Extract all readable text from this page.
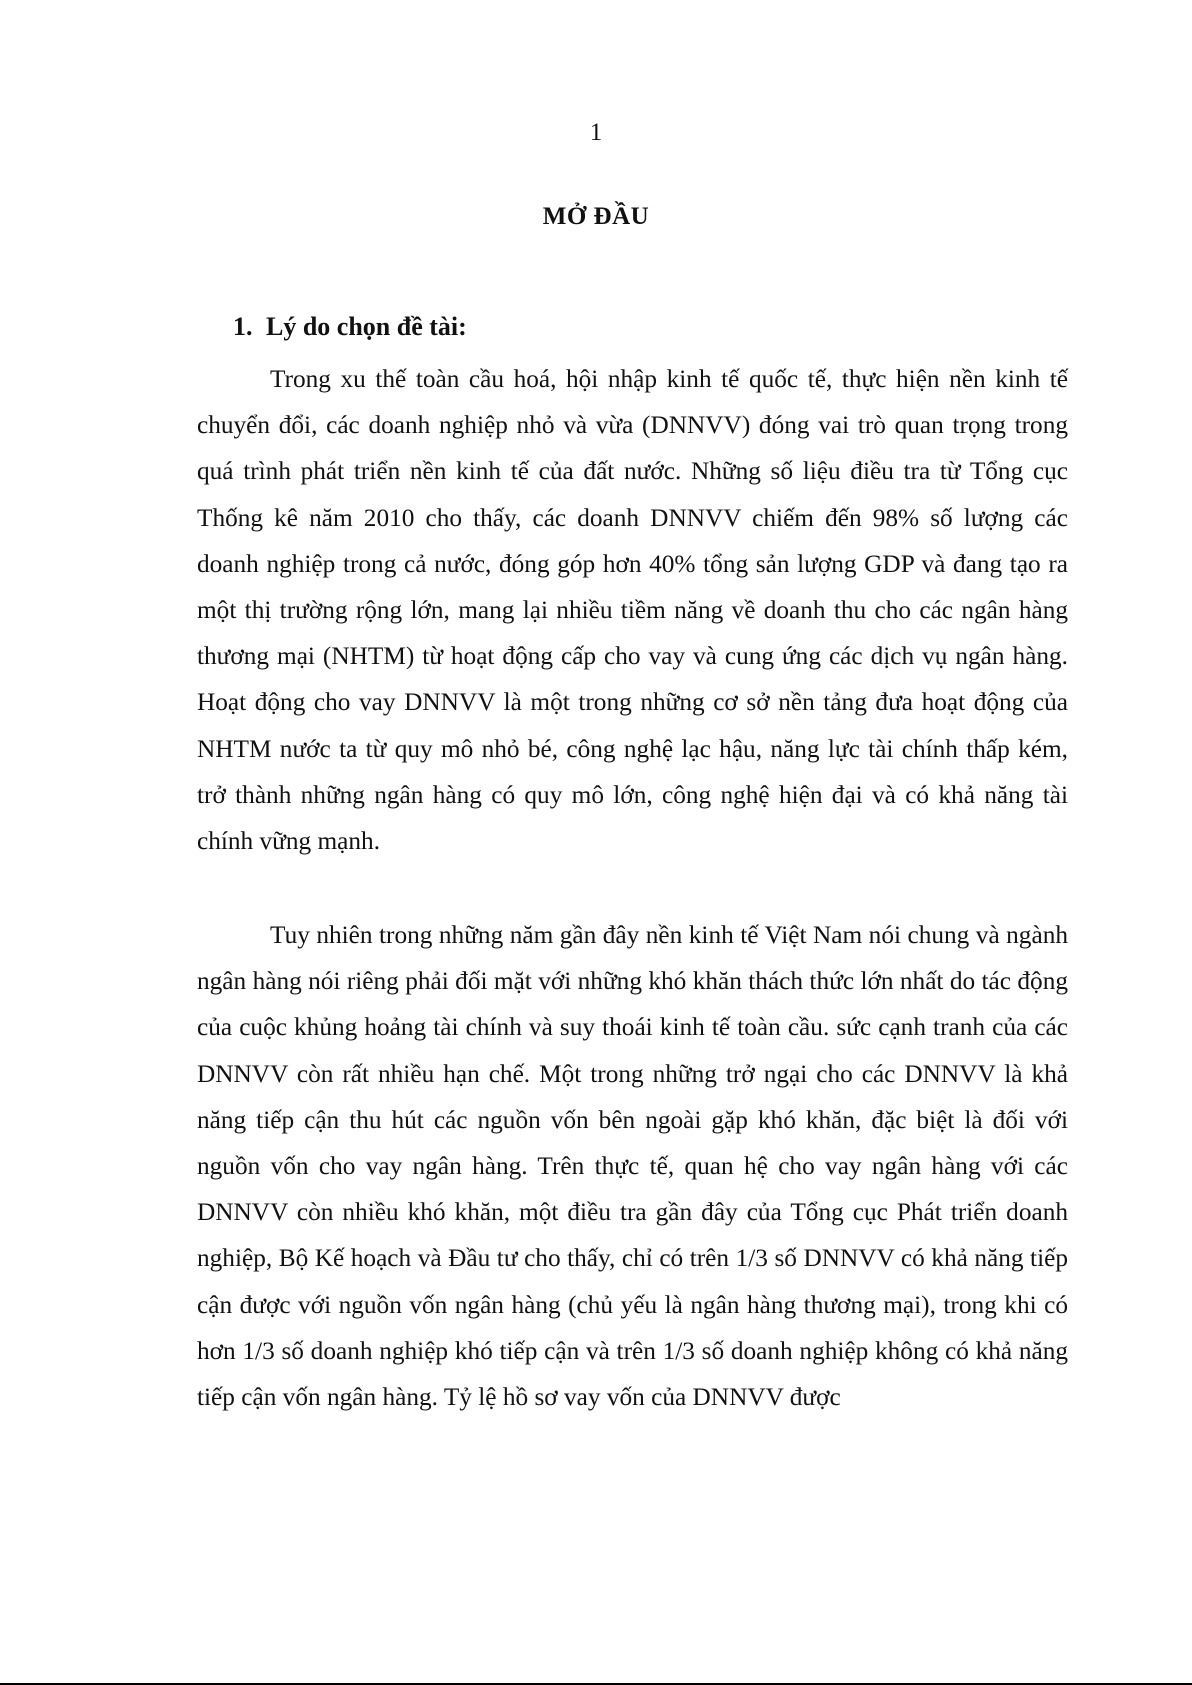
1
MỞ ĐẦU
1. Lý do chọn đề tài:

Trong xu thế toàn cầu hoá, hội nhập kinh tế quốc tế, thực hiện nền kinh tế chuyển đổi, các doanh nghiệp nhỏ và vừa (DNNVV) đóng vai trò quan trọng trong quá trình phát triển nền kinh tế của đất nước. Những số liệu điều tra từ Tổng cục Thống kê năm 2010 cho thấy, các doanh DNNVV chiếm đến 98% số lượng các doanh nghiệp trong cả nước, đóng góp hơn 40% tổng sản lượng GDP và đang tạo ra một thị trường rộng lớn, mang lại nhiều tiềm năng về doanh thu cho các ngân hàng thương mại (NHTM) từ hoạt động cấp cho vay và cung ứng các dịch vụ ngân hàng. Hoạt động cho vay DNNVV là một trong những cơ sở nền tảng đưa hoạt động của NHTM nước ta từ quy mô nhỏ bé, công nghệ lạc hậu, năng lực tài chính thấp kém, trở thành những ngân hàng có quy mô lớn, công nghệ hiện đại và có khả năng tài chính vững mạnh.

Tuy nhiên trong những năm gần đây nền kinh tế Việt Nam nói chung và ngành ngân hàng nói riêng phải đối mặt với những khó khăn thách thức lớn nhất do tác động của cuộc khủng hoảng tài chính và suy thoái kinh tế toàn cầu. sức cạnh tranh của các DNNVV còn rất nhiều hạn chế. Một trong những trở ngại cho các DNNVV là khả năng tiếp cận thu hút các nguồn vốn bên ngoài gặp khó khăn, đặc biệt là đối với nguồn vốn cho vay ngân hàng. Trên thực tế, quan hệ cho vay ngân hàng với các DNNVV còn nhiều khó khăn, một điều tra gần đây của Tổng cục Phát triển doanh nghiệp, Bộ Kế hoạch và Đầu tư cho thấy, chỉ có trên 1/3 số DNNVV có khả năng tiếp cận được với nguồn vốn ngân hàng (chủ yếu là ngân hàng thương mại), trong khi có hơn 1/3 số doanh nghiệp khó tiếp cận và trên 1/3 số doanh nghiệp không có khả năng tiếp cận vốn ngân hàng. Tỷ lệ hồ sơ vay vốn của DNNVV được
